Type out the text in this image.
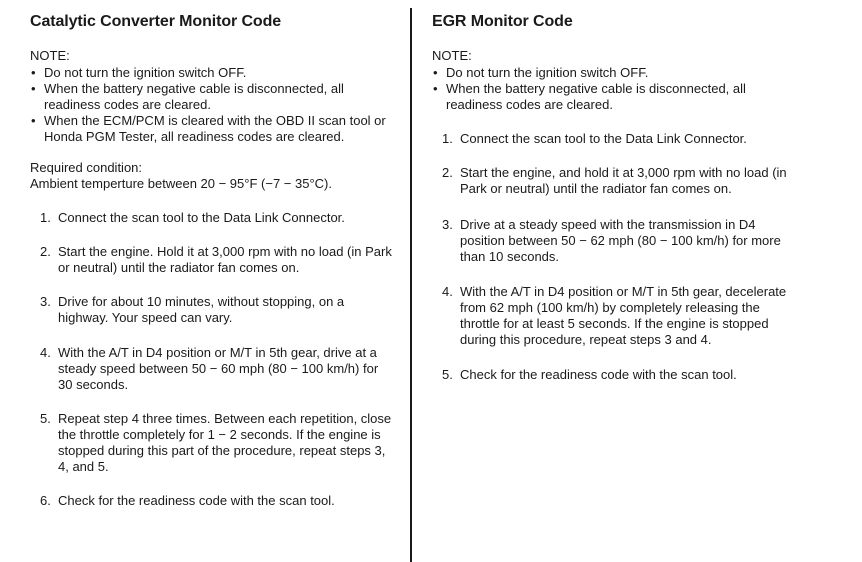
Catalytic Converter Monitor Code
NOTE:
• Do not turn the ignition switch OFF.
• When the battery negative cable is disconnected, all readiness codes are cleared.
• When the ECM/PCM is cleared with the OBD II scan tool or Honda PGM Tester, all readiness codes are cleared.
Required condition:
Ambient temperture between 20 − 95°F (−7 − 35°C).
1. Connect the scan tool to the Data Link Connector.
2. Start the engine. Hold it at 3,000 rpm with no load (in Park or neutral) until the radiator fan comes on.
3. Drive for about 10 minutes, without stopping, on a highway. Your speed can vary.
4. With the A/T in D4 position or M/T in 5th gear, drive at a steady speed between 50 − 60 mph (80 − 100 km/h) for 30 seconds.
5. Repeat step 4 three times. Between each repetition, close the throttle completely for 1 − 2 seconds. If the engine is stopped during this part of the procedure, repeat steps 3, 4, and 5.
6. Check for the readiness code with the scan tool.
EGR Monitor Code
NOTE:
• Do not turn the ignition switch OFF.
• When the battery negative cable is disconnected, all readiness codes are cleared.
1. Connect the scan tool to the Data Link Connector.
2. Start the engine, and hold it at 3,000 rpm with no load (in Park or neutral) until the radiator fan comes on.
3. Drive at a steady speed with the transmission in D4 position between 50 − 62 mph (80 − 100 km/h) for more than 10 seconds.
4. With the A/T in D4 position or M/T in 5th gear, decelerate from 62 mph (100 km/h) by completely releasing the throttle for at least 5 seconds. If the engine is stopped during this procedure, repeat steps 3 and 4.
5. Check for the readiness code with the scan tool.
